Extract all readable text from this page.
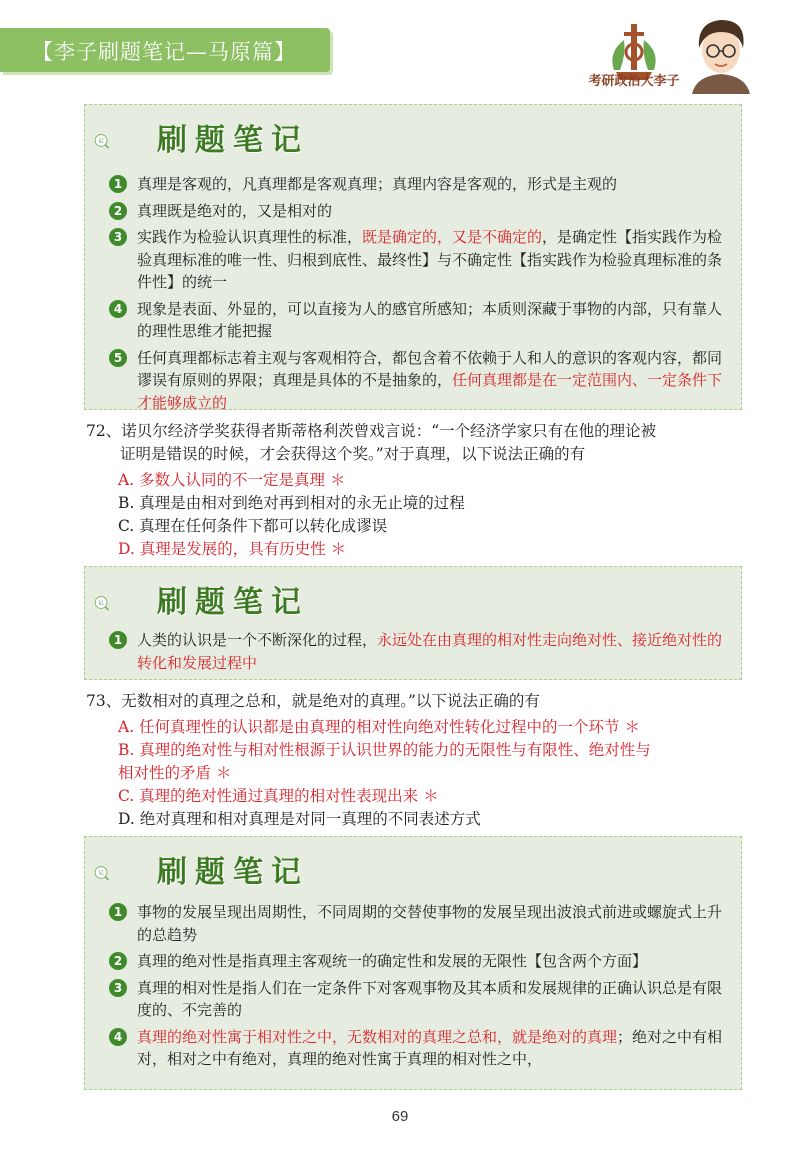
【李子刷题笔记—马原篇】
考研政治大李子
记 刷题笔记
1 真理是客观的，凡真理都是客观真理；真理内容是客观的，形式是主观的
2 真理既是绝对的，又是相对的
3 实践作为检验认识真理性的标准，既是确定的，又是不确定的，是确定性【指实践作为检验真理标准的唯一性、归根到底性、最终性】与不确定性【指实践作为检验真理标准的条件性】的统一
4 现象是表面、外显的，可以直接为人的感官所感知；本质则深藏于事物的内部，只有靠人的理性思维才能把握
5 任何真理都标志着主观与客观相符合，都包含着不依赖于人和人的意识的客观内容，都同谬误有原则的界限；真理是具体的不是抽象的，任何真理都是在一定范围内、一定条件下才能够成立的
72、诺贝尔经济学奖获得者斯蒂格利茨曾戏言说：“一个经济学家只有在他的理论被
证明是错误的时候，才会获得这个奖。”对于真理，以下说法正确的有
A. 多数人认同的不一定是真理 ＊
B. 真理是由相对到绝对再到相对的永无止境的过程
C. 真理在任何条件下都可以转化成谬误
D. 真理是发展的，具有历史性 ＊
记 刷题笔记
1 人类的认识是一个不断深化的过程，永远处在由真理的相对性走向绝对性、接近绝对性的转化和发展过程中
73、无数相对的真理之总和，就是绝对的真理。”以下说法正确的有
A. 任何真理性的认识都是由真理的相对性向绝对性转化过程中的一个环节 ＊
B. 真理的绝对性与相对性根源于认识世界的能力的无限性与有限性、绝对性与
相对性的矛盾 ＊
C. 真理的绝对性通过真理的相对性表现出来 ＊
D. 绝对真理和相对真理是对同一真理的不同表述方式
记 刷题笔记
1 事物的发展呈现出周期性，不同周期的交替使事物的发展呈现出波浪式前进或螺旋式上升的总趋势
2 真理的绝对性是指真理主客观统一的确定性和发展的无限性【包含两个方面】
3 真理的相对性是指人们在一定条件下对客观事物及其本质和发展规律的正确认识总是有限度的、不完善的
4 真理的绝对性寓于相对性之中，无数相对的真理之总和，就是绝对的真理；绝对之中有相对，相对之中有绝对，真理的绝对性寓于真理的相对性之中，
69
